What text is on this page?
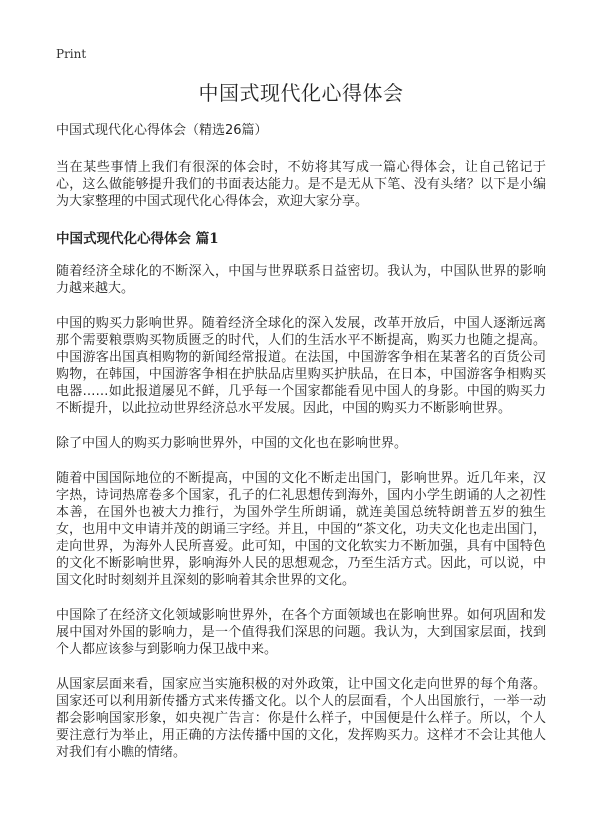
Print
中国式现代化心得体会

中国式现代化心得体会（精选26篇）

当在某些事情上我们有很深的体会时，不妨将其写成一篇心得体会，让自己铭记于心，这么做能够提升我们的书面表达能力。是不是无从下笔、没有头绪？以下是小编为大家整理的中国式现代化心得体会，欢迎大家分享。

中国式现代化心得体会 篇1

随着经济全球化的不断深入，中国与世界联系日益密切。我认为，中国队世界的影响力越来越大。

中国的购买力影响世界。随着经济全球化的深入发展，改革开放后，中国人逐渐远离那个需要粮票购买物质匮乏的时代，人们的生活水平不断提高，购买力也随之提高。中国游客出国真相购物的新闻经常报道。在法国，中国游客争相在某著名的百货公司购物，在韩国，中国游客争相在护肤品店里购买护肤品，在日本，中国游客争相购买电器……如此报道屡见不鲜，几乎每一个国家都能看见中国人的身影。中国的购买力不断提升，以此拉动世界经济总水平发展。因此，中国的购买力不断影响世界。

除了中国人的购买力影响世界外，中国的文化也在影响世界。

随着中国国际地位的不断提高，中国的文化不断走出国门，影响世界。近几年来，汉字热，诗词热席卷多个国家，孔子的仁礼思想传到海外，国内小学生朗诵的人之初性本善，在国外也被大力推行，为国外学生所朗诵，就连美国总统特朗普五岁的独生女，也用中文申请并茂的朗诵三字经。并且，中国的“茶文化，功夫文化也走出国门，走向世界，为海外人民所喜爱。此可知，中国的文化软实力不断加强，具有中国特色的文化不断影响世界，影响海外人民的思想观念，乃至生活方式。因此，可以说，中国文化时时刻刻并且深刻的影响着其余世界的文化。

中国除了在经济文化领域影响世界外，在各个方面领域也在影响世界。如何巩固和发展中国对外国的影响力，是一个值得我们深思的问题。我认为，大到国家层面，找到个人都应该参与到影响力保卫战中来。

从国家层面来看，国家应当实施积极的对外政策，让中国文化走向世界的每个角落。国家还可以利用新传播方式来传播文化。以个人的层面看，个人出国旅行，一举一动都会影响国家形象，如央视广告言：你是什么样子，中国便是什么样子。所以，个人要注意行为举止，用正确的方法传播中国的文化，发挥购买力。这样才不会让其他人对我们有小瞧的情绪。
